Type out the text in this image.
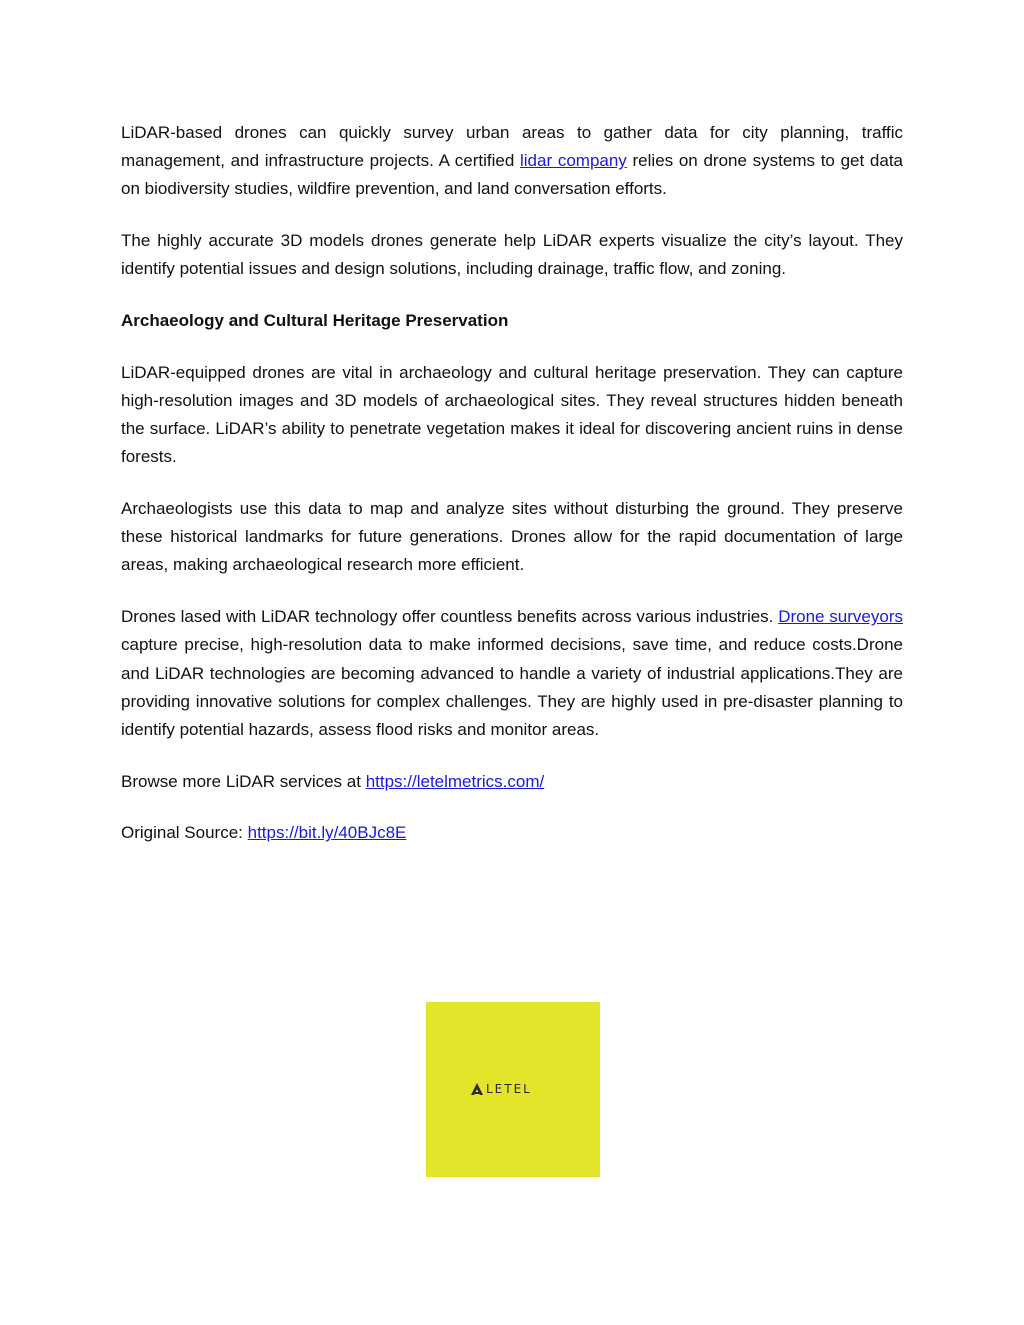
LiDAR-based drones can quickly survey urban areas to gather data for city planning, traffic management, and infrastructure projects. A certified lidar company relies on drone systems to get data on biodiversity studies, wildfire prevention, and land conversation efforts.

The highly accurate 3D models drones generate help LiDAR experts visualize the city’s layout. They identify potential issues and design solutions, including drainage, traffic flow, and zoning.

Archaeology and Cultural Heritage Preservation

LiDAR-equipped drones are vital in archaeology and cultural heritage preservation. They can capture high-resolution images and 3D models of archaeological sites. They reveal structures hidden beneath the surface. LiDAR’s ability to penetrate vegetation makes it ideal for discovering ancient ruins in dense forests.

Archaeologists use this data to map and analyze sites without disturbing the ground. They preserve these historical landmarks for future generations. Drones allow for the rapid documentation of large areas, making archaeological research more efficient.

Drones lased with LiDAR technology offer countless benefits across various industries. Drone surveyors capture precise, high-resolution data to make informed decisions, save time, and reduce costs.Drone and LiDAR technologies are becoming advanced to handle a variety of industrial applications.They are providing innovative solutions for complex challenges. They are highly used in pre-disaster planning to identify potential hazards, assess flood risks and monitor areas.

Browse more LiDAR services at https://letelmetrics.com/

Original Source: https://bit.ly/40BJc8E

LETEL
